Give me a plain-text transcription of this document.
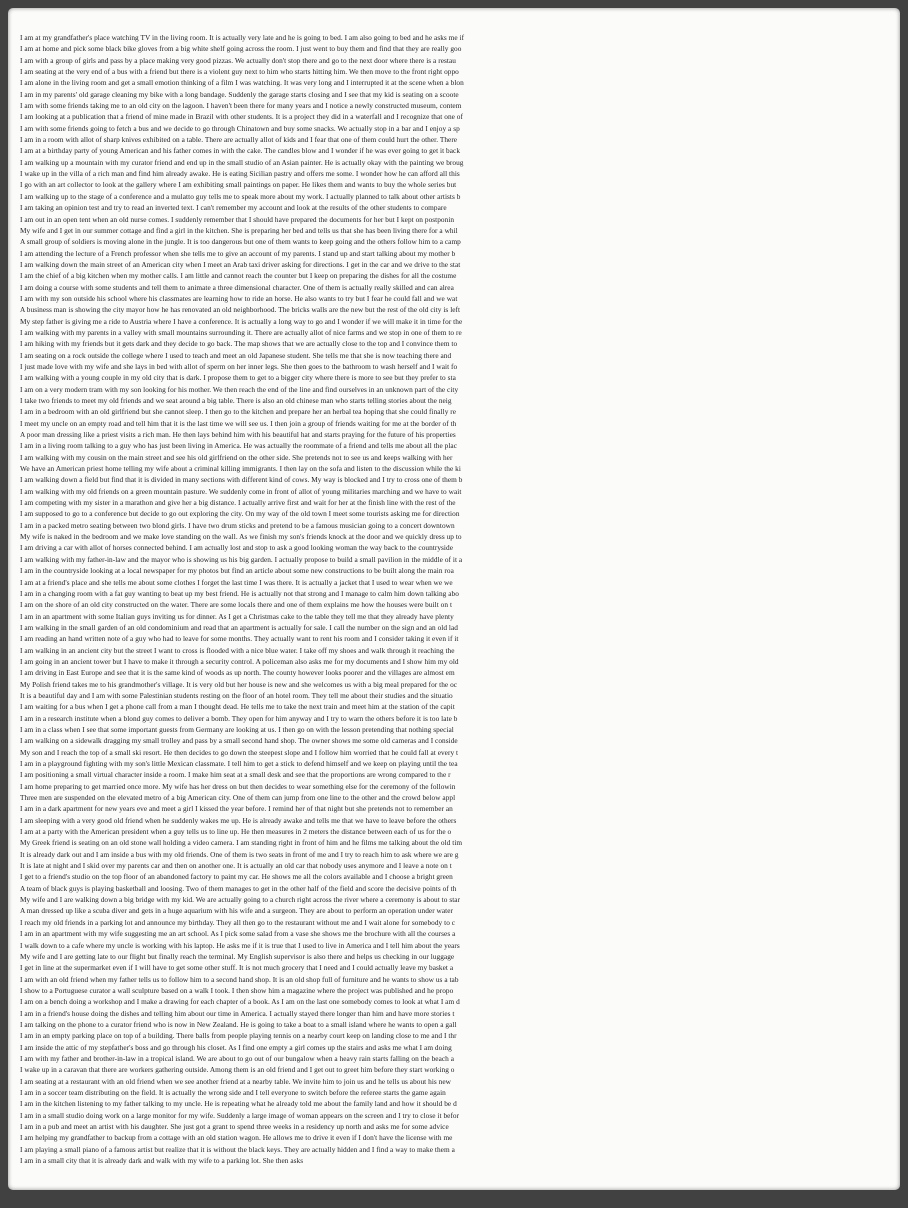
I am at my grandfather's place watching TV in the living room. It is actually very late and he is going to bed. I am also going to bed and he asks me if
I am at home and pick some black bike gloves from a big white shelf going across the room. I just went to buy them and find that they are really goo
I am with a group of girls and pass by a place making very good pizzas. We actually don't stop there and go to the next door where there is a restau
I am seating at the very end of a bus with a friend but there is a violent guy next to him who starts hitting him. We then move to the front right oppo
I am alone in the living room and get a small emotion thinking of a film I was watching. It was very long and I interrupted it at the scene when a blon
I am in my parents' old garage cleaning my bike with a long bandage. Suddenly the garage starts closing and I see that my kid is seating on a scoote
I am with some friends taking me to an old city on the lagoon. I haven't been there for many years and I notice a newly constructed museum, contem
I am looking at a publication that a friend of mine made in Brazil with other students. It is a project they did in a waterfall and I recognize that one of
I am with some friends going to fetch a bus and we decide to go through Chinatown and buy some snacks. We actually stop in a bar and I enjoy a sp
I am in a room with allot of sharp knives exhibited on a table. There are actually allot of kids and I fear that one of them could hurt the other. There
I am at a birthday party of young American and his father comes in with the cake. The candles blow and I wonder if he was ever going to get it back
I am walking up a mountain with my curator friend and end up in the small studio of an Asian painter. He is actually okay with the painting we broug
I wake up in the villa of a rich man and find him already awake. He is eating Sicilian pastry and offers me some. I wonder how he can afford all this
I go with an art collector to look at the gallery where I am exhibiting small paintings on paper. He likes them and wants to buy the whole series but
I am walking up to the stage of a conference and a mulatto guy tells me to speak more about my work. I actually planned to talk about other artists b
I am taking an opinion test and try to read an inverted text. I can't remember my account and look at the results of the other students to compare
I am out in an open tent when an old nurse comes. I suddenly remember that I should have prepared the documents for her but I kept on postponin
My wife and I get in our summer cottage and find a girl in the kitchen. She is preparing her bed and tells us that she has been living there for a whil
A small group of soldiers is moving alone in the jungle. It is too dangerous but one of them wants to keep going and the others follow him to a camp
I am attending the lecture of a French professor when she tells me to give an account of my parents. I stand up and start talking about my mother b
I am walking down the main street of an American city when I meet an Arab taxi driver asking for directions. I get in the car and we drive to the stat
I am the chief of a big kitchen when my mother calls. I am little and cannot reach the counter but I keep on preparing the dishes for all the costume
I am doing a course with some students and tell them to animate a three dimensional character. One of them is actually really skilled and can alrea
I am with my son outside his school where his classmates are learning how to ride an horse. He also wants to try but I fear he could fall and we wat
A business man is showing the city mayor how he has renovated an old neighborhood. The bricks walls are the new but the rest of the old city is left
My step father is giving me a ride to Austria where I have a conference. It is actually a long way to go and I wonder if we will make it in time for the
I am walking with my parents in a valley with small mountains surrounding it. There are actually allot of nice farms and we stop in one of them to re
I am hiking with my friends but it gets dark and they decide to go back. The map shows that we are actually close to the top and I convince them to
I am seating on a rock outside the college where I used to teach and meet an old Japanese student. She tells me that she is now teaching there and
I just made love with my wife and she lays in bed with allot of sperm on her inner legs. She then goes to the bathroom to wash herself and I wait fo
I am walking with a young couple in my old city that is dark. I propose them to get to a bigger city where there is more to see but they prefer to sta
I am on a very modern tram with my son looking for his mother. We then reach the end of the line and find ourselves in an unknown part of the city
I take two friends to meet my old friends and we seat around a big table. There is also an old chinese man who starts telling stories about the neig
I am in a bedroom with an old girlfriend but she cannot sleep. I then go to the kitchen and prepare her an herbal tea hoping that she could finally re
I meet my uncle on an empty road and tell him that it is the last time we will see us. I then join a group of friends waiting for me at the border of th
A poor man dressing like a priest visits a rich man. He then lays behind him with his beautiful hat and starts praying for the future of his properties
I am in a living room talking to a guy who has just been living in America. He was actually the roommate of a friend and tells me about all the plac
I am walking with my cousin on the main street and see his old girlfriend on the other side. She pretends not to see us and keeps walking with her
We have an American priest home telling my wife about a criminal killing immigrants. I then lay on the sofa and listen to the discussion while the ki
I am walking down a field but find that it is divided in many sections with different kind of cows. My way is blocked and I try to cross one of them b
I am walking with my old friends on a green mountain pasture. We suddenly come in front of allot of young militaries marching and we have to wait
I am competing with my sister in a marathon and give her a big distance. I actually arrive first and wait for her at the finish line with the rest of the
I am supposed to go to a conference but decide to go out exploring the city. On my way of the old town I meet some tourists asking me for direction
I am in a packed metro seating between two blond girls. I have two drum sticks and pretend to be a famous musician going to a concert downtown
My wife is naked in the bedroom and we make love standing on the wall. As we finish my son's friends knock at the door and we quickly dress up to
I am driving a car with allot of horses connected behind. I am actually lost and stop to ask a good looking woman the way back to the countryside
I am walking with my father-in-law and the mayor who is showing us his big garden. I actually propose to build a small pavilion in the middle of it a
I am in the countryside looking at a local newspaper for my photos but find an article about some new constructions to be built along the main roa
I am at a friend's place and she tells me about some clothes I forget the last time I was there. It is actually a jacket that I used to wear when we we
I am in a changing room with a fat guy wanting to beat up my best friend. He is actually not that strong and I manage to calm him down talking abo
I am on the shore of an old city constructed on the water. There are some locals there and one of them explains me how the houses were built on t
I am in an apartment with some Italian guys inviting us for dinner. As I get a Christmas cake to the table they tell me that they already have plenty
I am walking in the small garden of an old condominium and read that an apartment is actually for sale. I call the number on the sign and an old lad
I am reading an hand written note of a guy who had to leave for some months. They actually want to rent his room and I consider taking it even if it
I am walking in an ancient city but the street I want to cross is flooded with a nice blue water. I take off my shoes and walk through it reaching the
I am going in an ancient tower but I have to make it through a security control. A policeman also asks me for my documents and I show him my old
I am driving in East Europe and see that it is the same kind of woods as up north. The county however looks poorer and the villages are almost em
My Polish friend takes me to his grandmother's village. It is very old but her house is new and she welcomes us with a big meal prepared for the oc
It is a beautiful day and I am with some Palestinian students resting on the floor of an hotel room. They tell me about their studies and the situatio
I am waiting for a bus when I get a phone call from a man I thought dead. He tells me to take the next train and meet him at the station of the capit
I am in a research institute when a blond guy comes to deliver a bomb. They open for him anyway and I try to warn the others before it is too late b
I am in a class when I see that some important guests from Germany are looking at us. I then go on with the lesson pretending that nothing special
I am walking on a sidewalk dragging my small trolley and pass by a small second hand shop. The owner shows me some old cameras and I conside
My son and I reach the top of a small ski resort. He then decides to go down the steepest slope and I follow him worried that he could fall at every t
I am in a playground fighting with my son's little Mexican classmate. I tell him to get a stick to defend himself and we keep on playing until the tea
I am positioning a small virtual character inside a room. I make him seat at a small desk and see that the proportions are wrong compared to the r
I am home preparing to get married once more. My wife has her dress on but then decides to wear something else for the ceremony of the followin
Three men are suspended on the elevated metro of a big American city. One of them can jump from one line to the other and the crowd below appl
I am in a dark apartment for new years eve and meet a girl I kissed the year before. I remind her of that night but she pretends not to remember an
I am sleeping with a very good old friend when he suddenly wakes me up. He is already awake and tells me that we have to leave before the others
I am at a party with the American president when a guy tells us to line up. He then measures in 2 meters the distance between each of us for the o
My Greek friend is seating on an old stone wall holding a video camera. I am standing right in front of him and he films me talking about the old tim
It is already dark out and I am inside a bus with my old friends. One of them is two seats in front of me and I try to reach him to ask where we are g
It is late at night and I skid over my parents car and then on another one. It is actually an old car that nobody uses anymore and I leave a note on t
I get to a friend's studio on the top floor of an abandoned factory to paint my car. He shows me all the colors available and I choose a bright green
A team of black guys is playing basketball and loosing. Two of them manages to get in the other half of the field and score the decisive points of th
My wife and I are walking down a big bridge with my kid. We are actually going to a church right across the river where a ceremony is about to star
A man dressed up like a scuba diver and gets in a huge aquarium with his wife and a surgeon. They are about to perform an operation under water
I reach my old friends in a parking lot and announce my birthday. They all then go to the restaurant without me and I wait alone for somebody to c
I am in an apartment with my wife suggesting me an art school. As I pick some salad from a vase she shows me the brochure with all the courses a
I walk down to a cafe where my uncle is working with his laptop. He asks me if it is true that I used to live in America and I tell him about the years
My wife and I are getting late to our flight but finally reach the terminal. My English supervisor is also there and helps us checking in our luggage
I get in line at the supermarket even if I will have to get some other stuff. It is not much grocery that I need and I could actually leave my basket a
I am with an old friend when my father tells us to follow him to a second hand shop. It is an old shop full of furniture and he wants to show us a tab
I show to a Portuguese curator a wall sculpture based on a walk I took. I then show him a magazine where the project was published and he propo
I am on a bench doing a workshop and I make a drawing for each chapter of a book. As I am on the last one somebody comes to look at what I am d
I am in a friend's house doing the dishes and telling him about our time in America. I actually stayed there longer than him and have more stories t
I am talking on the phone to a curator friend who is now in New Zealand. He is going to take a boat to a small island where he wants to open a gall
I am in an empty parking place on top of a building. There balls from people playing tennis on a nearby court keep on landing close to me and I thr
I am inside the attic of my stepfather's boss and go through his closet. As I find one empty a girl comes up the stairs and asks me what I am doing
I am with my father and brother-in-law in a tropical island. We are about to go out of our bungalow when a heavy rain starts falling on the beach a
I wake up in a caravan that there are workers gathering outside. Among them is an old friend and I get out to greet him before they start working o
I am seating at a restaurant with an old friend when we see another friend at a nearby table. We invite him to join us and he tells us about his new
I am in a soccer team distributing on the field. It is actually the wrong side and I tell everyone to switch before the referee starts the game again
I am in the kitchen listening to my father talking to my uncle. He is repeating what he already told me about the family land and how it should be d
I am in a small studio doing work on a large monitor for my wife. Suddenly a large image of woman appears on the screen and I try to close it befor
I am in a pub and meet an artist with his daughter. She just got a grant to spend three weeks in a residency up north and asks me for some advice
I am helping my grandfather to backup from a cottage with an old station wagon. He allows me to drive it even if I don't have the license with me
I am playing a small piano of a famous artist but realize that it is without the black keys. They are actually hidden and I find a way to make them a
I am in a small city that it is already dark and walk with my wife to a parking lot. She then asks
